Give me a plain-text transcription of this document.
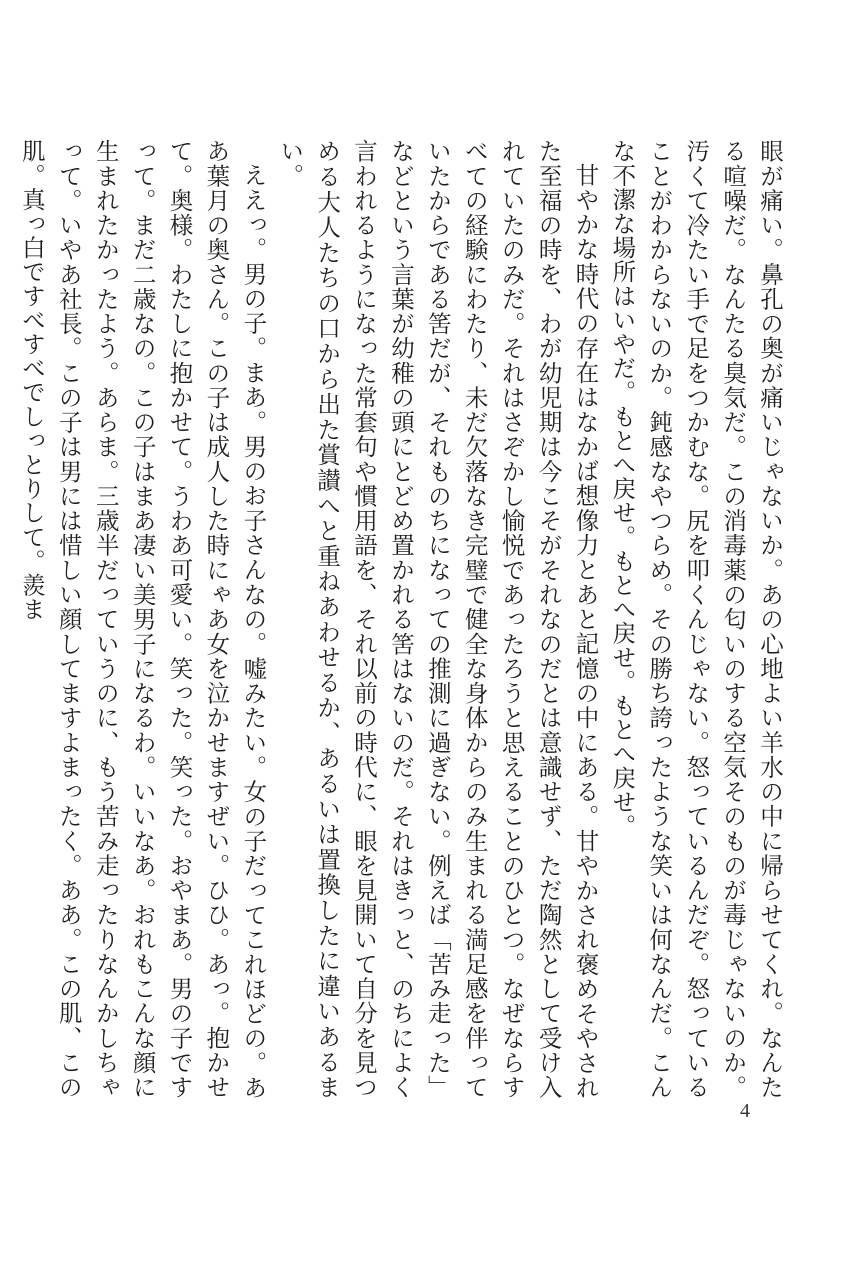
眼が痛い。鼻孔の奥が痛いじゃないか。あの心地よい羊水の中に帰らせてくれ。なんたる喧噪だ。なんたる臭気だ。この消毒薬の匂いのする空気そのものが毒じゃないのか。汚くて冷たい手で足をつかむな。尻を叩くんじゃない。怒っているんだぞ。怒っていることがわからないのか。鈍感なやつらめ。その勝ち誇ったような笑いは何なんだ。こんな不潔な場所はいやだ。もとへ戻せ。もとへ戻せ。もとへ戻せ。

甘やかな時代の存在はなかば想像力とあと記憶の中にある。甘やかされ褒めそやされた至福の時を、わが幼児期は今こそがそれなのだとは意識せず、ただ陶然として受け入れていたのみだ。それはさぞかし愉悦であったろうと思えることのひとつ。なぜならすべての経験にわたり、未だ欠落なき完璧で健全な身体からのみ生まれる満足感を伴っていたからである筈だが、それものちになっての推測に過ぎない。例えば「苦み走った」などという言葉が幼稚の頭にとどめ置かれる筈はないのだ。それはきっと、のちによく言われるようになった常套句や慣用語を、それ以前の時代に、眼を見開いて自分を見つめる大人たちの口から出た賞讃へと重ねあわせるか、あるいは置換したに違いあるまい。

ええっ。男の子。まあ。男のお子さんなの。嘘みたい。女の子だってこれほどの。ああ葉月の奥さん。この子は成人した時にゃあ女を泣かせますぜい。ひひ。あっ。抱かせて。奥様。わたしに抱かせて。うわあ可愛い。笑った。笑った。おやまあ。男の子ですって。まだ二歳なの。この子はまあ凄い美男子になるわ。いいなあ。おれもこんな顔に生まれたかったよう。あらま。三歳半だっていうのに、もう苦み走ったりなんかしちゃって。いやあ社長。この子は男には惜しい顔してますよまったく。ああ。この肌、この肌。真っ白ですべすべでしっとりして。羨ま

4
